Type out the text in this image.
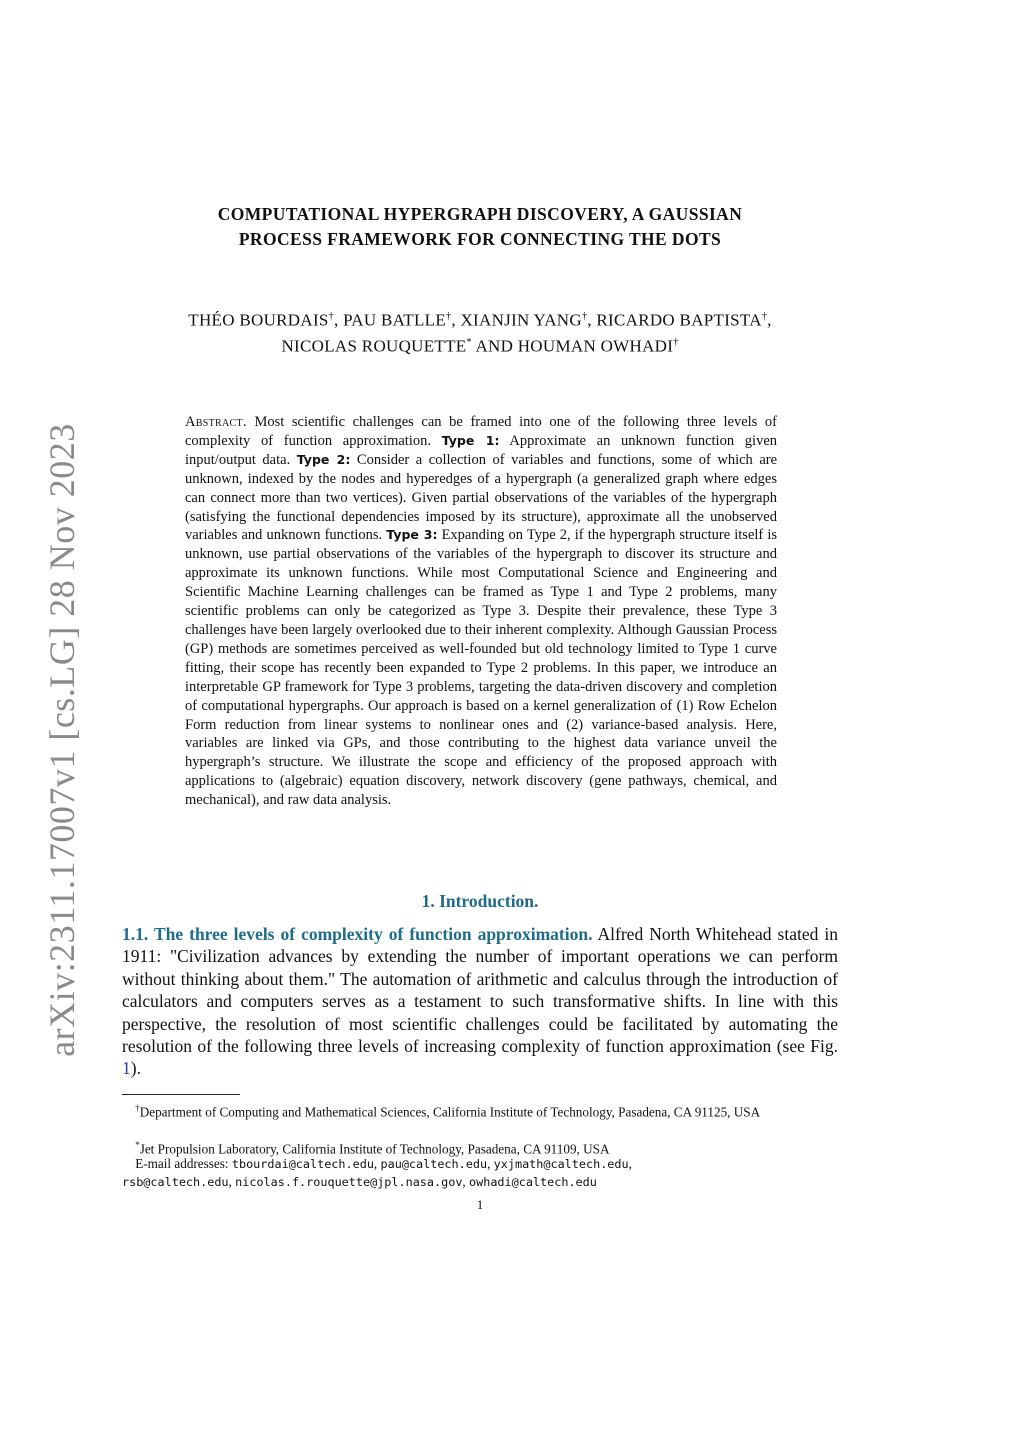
arXiv:2311.17007v1 [cs.LG] 28 Nov 2023
COMPUTATIONAL HYPERGRAPH DISCOVERY, A GAUSSIAN
PROCESS FRAMEWORK FOR CONNECTING THE DOTS
THÉO BOURDAIS†, PAU BATLLE†, XIANJIN YANG†, RICARDO BAPTISTA†,
NICOLAS ROUQUETTE* AND HOUMAN OWHADI†
Abstract. Most scientific challenges can be framed into one of the following three levels of complexity of function approximation. Type 1: Approximate an unknown function given input/output data. Type 2: Consider a collection of variables and functions, some of which are unknown, indexed by the nodes and hyperedges of a hypergraph (a generalized graph where edges can connect more than two vertices). Given partial observations of the variables of the hypergraph (satisfying the functional dependencies imposed by its structure), approximate all the unobserved variables and unknown functions. Type 3: Expanding on Type 2, if the hypergraph structure itself is unknown, use partial observations of the variables of the hypergraph to discover its structure and approximate its unknown functions. While most Computational Science and Engineering and Scientific Machine Learning challenges can be framed as Type 1 and Type 2 problems, many scientific problems can only be categorized as Type 3. Despite their prevalence, these Type 3 challenges have been largely overlooked due to their inherent complexity. Although Gaussian Process (GP) methods are sometimes perceived as well-founded but old technology limited to Type 1 curve fitting, their scope has recently been expanded to Type 2 problems. In this paper, we introduce an interpretable GP framework for Type 3 problems, targeting the data-driven discovery and completion of computational hypergraphs. Our approach is based on a kernel generalization of (1) Row Echelon Form reduction from linear systems to nonlinear ones and (2) variance-based analysis. Here, variables are linked via GPs, and those contributing to the highest data variance unveil the hypergraph’s structure. We illustrate the scope and efficiency of the proposed approach with applications to (algebraic) equation discovery, network discovery (gene pathways, chemical, and mechanical), and raw data analysis.
1. Introduction.
1.1. The three levels of complexity of function approximation. Alfred North Whitehead stated in 1911: "Civilization advances by extending the number of important operations we can perform without thinking about them." The automation of arithmetic and calculus through the introduction of calculators and computers serves as a testament to such transformative shifts. In line with this perspective, the resolution of most scientific challenges could be facilitated by automating the resolution of the following three levels of increasing complexity of function approximation (see Fig. 1).
 †Department of Computing and Mathematical Sciences, California Institute of Technology, Pasadena, CA 91125, USA
 *Jet Propulsion Laboratory, California Institute of Technology, Pasadena, CA 91109, USA
 E-mail addresses: tbourdai@caltech.edu, pau@caltech.edu, yxjmath@caltech.edu,
rsb@caltech.edu, nicolas.f.rouquette@jpl.nasa.gov, owhadi@caltech.edu
1
